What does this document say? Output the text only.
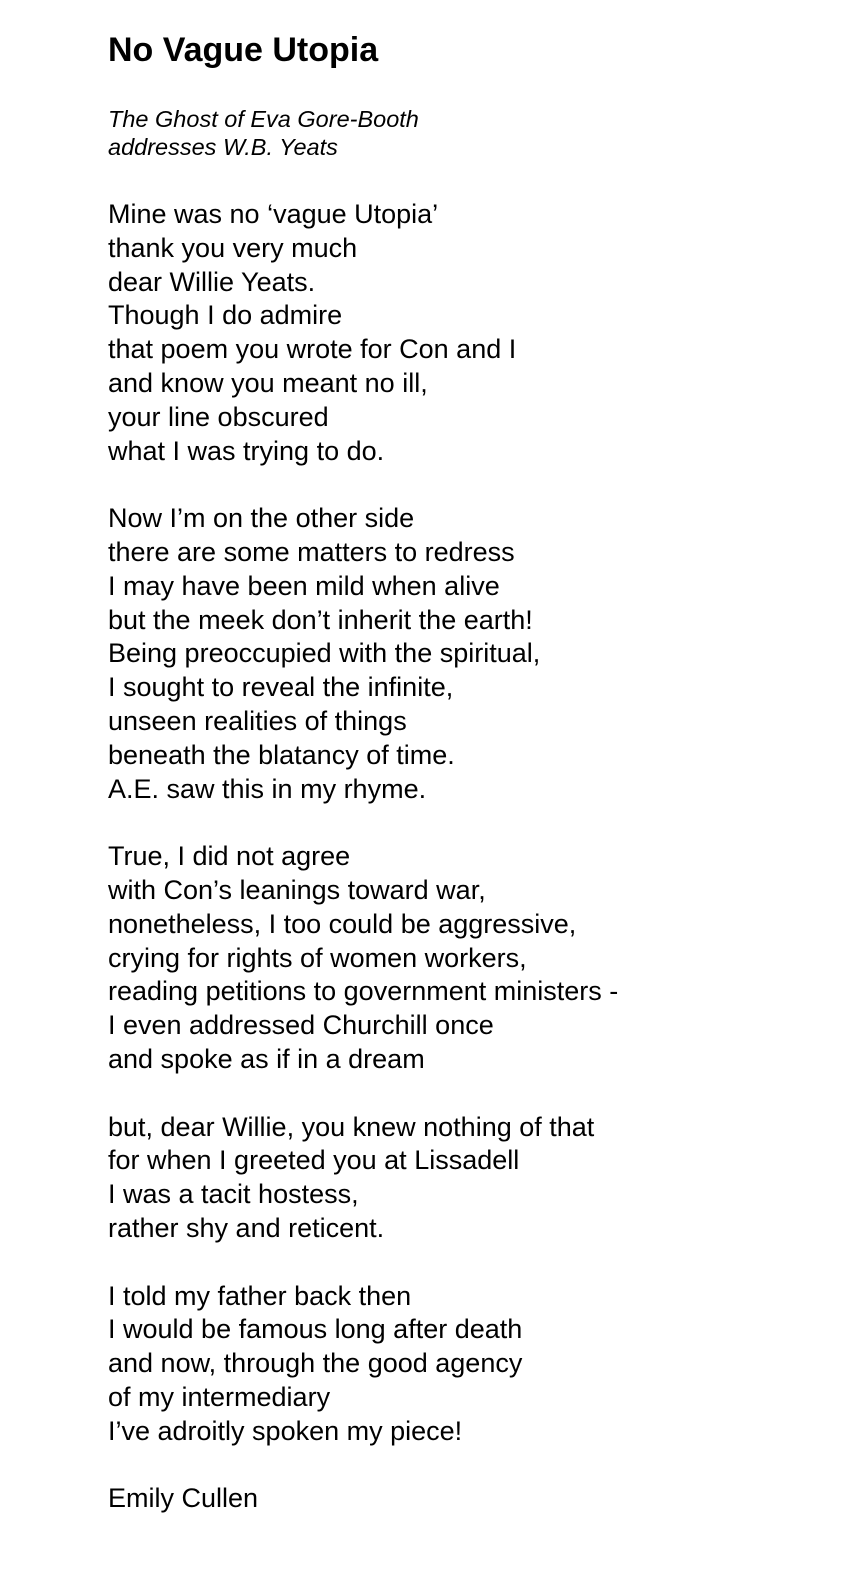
No Vague Utopia
The Ghost of Eva Gore-Booth
addresses W.B. Yeats
Mine was no ‘vague Utopia’
thank you very much
dear Willie Yeats.
Though I do admire
that poem you wrote for Con and I
and know you meant no ill,
your line obscured
what I was trying to do.
Now I’m on the other side
there are some matters to redress
I may have been mild when alive
but the meek don’t inherit the earth!
Being preoccupied with the spiritual,
I sought to reveal the infinite,
unseen realities of things
beneath the blatancy of time.
A.E. saw this in my rhyme.
True, I did not agree
with Con’s leanings toward war,
nonetheless, I too could be aggressive,
crying for rights of women workers,
reading petitions to government ministers -
I even addressed Churchill once
and spoke as if in a dream
but, dear Willie, you knew nothing of that
for when I greeted you at Lissadell
I was a tacit hostess,
rather shy and reticent.
I told my father back then
I would be famous long after death
and now, through the good agency
of my intermediary
I’ve adroitly spoken my piece!
Emily Cullen
